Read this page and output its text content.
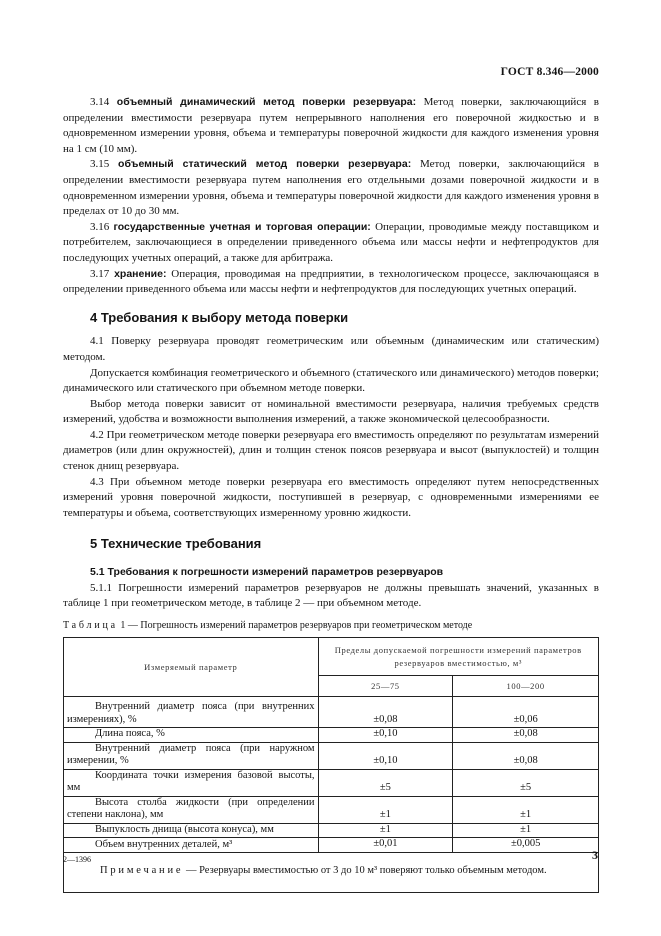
ГОСТ 8.346—2000

3.14 объемный динамический метод поверки резервуара: Метод поверки, заключающийся в определении вместимости резервуара путем непрерывного наполнения его поверочной жидкостью и в одновременном измерении уровня, объема и температуры поверочной жидкости для каждого изменения уровня на 1 см (10 мм).

3.15 объемный статический метод поверки резервуара: Метод поверки, заключающийся в определении вместимости резервуара путем наполнения его отдельными дозами поверочной жидкости и в одновременном измерении уровня, объема и температуры поверочной жидкости для каждого изменения уровня в пределах от 10 до 30 мм.

3.16 государственные учетная и торговая операции: Операции, проводимые между поставщиком и потребителем, заключающиеся в определении приведенного объема или массы нефти и нефтепродуктов для последующих учетных операций, а также для арбитража.

3.17 хранение: Операция, проводимая на предприятии, в технологическом процессе, заключающаяся в определении приведенного объема или массы нефти и нефтепродуктов для последующих учетных операций.

4 Требования к выбору метода поверки

4.1 Поверку резервуара проводят геометрическим или объемным (динамическим или статическим) методом.

Допускается комбинация геометрического и объемного (статического или динамического) методов поверки; динамического или статического при объемном методе поверки.

Выбор метода поверки зависит от номинальной вместимости резервуара, наличия требуемых средств измерений, удобства и возможности выполнения измерений, а также экономической целесообразности.

4.2 При геометрическом методе поверки резервуара его вместимость определяют по результатам измерений диаметров (или длин окружностей), длин и толщин стенок поясов резервуара и высот (выпуклостей) и толщин стенок днищ резервуара.

4.3 При объемном методе поверки резервуара его вместимость определяют путем непосредственных измерений уровня поверочной жидкости, поступившей в резервуар, с одновременными измерениями ее температуры и объема, соответствующих измеренному уровню жидкости.

5 Технические требования
5.1 Требования к погрешности измерений параметров резервуаров

5.1.1 Погрешности измерений параметров резервуаров не должны превышать значений, указанных в таблице 1 при геометрическом методе, в таблице 2 — при объемном методе.

Таблица 1 — Погрешность измерений параметров резервуаров при геометрическом методе
Измеряемый параметр	Пределы допускаемой погрешности измерений параметров резервуаров вместимостью, м³	
	25—75	100—200
Внутренний диаметр пояса (при внутренних измерениях), %	±0,08	±0,06
Длина пояса, %	±0,10	±0,08
Внутренний диаметр пояса (при наружном измерении, %	±0,10	±0,08
Координата точки измерения базовой высоты, мм	±5	±5
Высота столба жидкости (при определении степени наклона), мм	±1	±1
Выпуклость днища (высота конуса), мм	±1	±1
Объем внутренних деталей, м³	±0,01	±0,005
Примечание — Резервуары вместимостью от 3 до 10 м³ поверяют только объемным методом.		
2—1396	3
